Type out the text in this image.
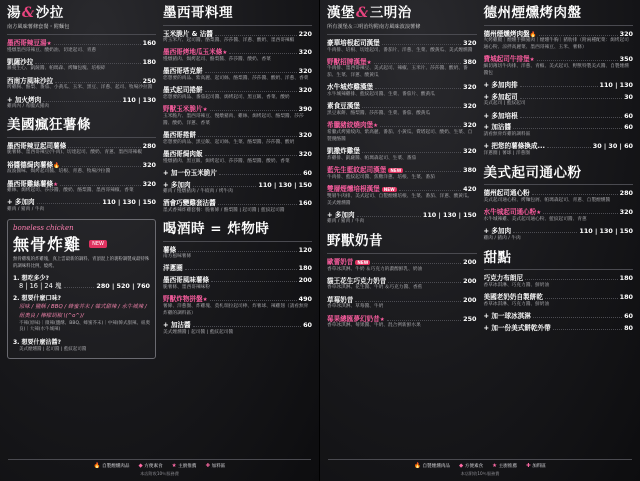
湯&沙拉
南方風味薯條套餐・附麵包
墨西哥辣豆湯 ★	160
慢燉墨西哥辣豆、酸奶油、切達起司、青蔥
凱薩沙拉	180
蘿蔓生心、凱薩醬、帕瑪森、烤麵包塊、培根碎
西南方風味沙拉	250
烤雞胸、酪梨、番茄、小黃瓜、玉米、黑豆、洋蔥、起司、牧場沙拉醬
+ 加火烤肉	110 | 130
雞肉內 / 希臘式豬肉
美國瘋狂薯條
墨西哥辣豆起司薯條	280
脆薯條、墨西哥辣豆(牛肉)、切達起司、酸奶、青蔥、墨西哥辣椒
裕醬德焗肉薯條 🔥	320
波波醬味、焗烤起司醬、培根、青蔥、牧場沙拉醬
墨西哥雞絲薯條 ★	320
雞絲、焗烤起司、莎莎醬、酸奶、酪梨醬、墨西哥辣椒、香菜
+ 多加肉	110 | 130 | 150
雞肉 / 豬肉 / 牛肉
boneless chicken
無骨炸雞 NEW
無骨雞塊的炸雞塊，真上雲最新的調料、青頂混上的裹粉調製成最特殊的調味料比例，燒烤。
1. 想吃多少?
8 | 16 | 24 塊	280 | 520 | 760
2. 想要什麼口味?
原味 / 鹽酥 / BBQ / 蜂蜜芥末 / 韓式甜辣 / 水牛城辣 / 紐奧良 / 檸檬胡椒 \(^o^)/
不辣(原味)｜微辣(鹽酥、BBQ、蜂蜜芥末)｜中辣(韓式甜辣、紐奧良)｜大辣(水牛城辣)
3. 想要什麼沾醬?
美式煙燻醬 | 起司醬 | 藍紋起司醬
墨西哥料理
玉米脆片 & 沾醬	220
烤玉米片、起司醬、酪梨醬、莎莎醬、洋蔥、酸奶、墨西哥辣椒
墨西哥烤地瓜玉米條 ★	320
慢燉豬肉、焗烤起司、酪梨醬、莎莎醬、酸奶、香菜
墨西哥塔克餅	320
您想要的肉品、紫高麗、起司絲、酪梨醬、莎莎醬、酸奶、洋蔥、香菜
墨式起司捲餅	320
您想要的肉品、番茄起司醬、焗烤起司、黑豆飯、香菜、酸奶
野獸玉米脆片 ★	390
玉米脆片、墨西哥辣豆、慢燉豬肉、雞絲、焗烤起司、酪梨醬、莎莎醬、酸奶、洋蔥、香菜
墨西哥捲餅	320
您想要的肉品、黑豆飯、起司絲、生菜、酪梨醬、莎莎醬、酸奶
墨西哥焗肉飯	320
慢燉豬肉、黑豆飯、焗烤起司、莎莎醬、酪梨醬、酸奶、香菜
+ 加一份玉米脆片	60
+ 多加肉	110 | 130 | 150
雞肉 / 慢燉豬肉 / 牛絞肉 / 烤牛肉
酒會巧變雞套沾醬	160
墨式香辣炸雞套餐：脆薯條 / 酪梨醬 | 起司醬 | 藍紋起司醬
喝酒時 = 炸物時
薯條	120
南方風味薯條
洋蔥圈	180
墨西哥風味薯條	200
脆薯條、墨西哥辣味粉
野獸炸物拼盤 ★	490
薯條、洋蔥圈、炸雞塊、莫札瑞拉起司棒、炸薯球、辣雞翅（請看無骨炸雞的調料區）
+ 加沾醬	60
美式煙燻醬 | 起司醬 | 藍紋起司醬
🔥 自製煙燻肉品 ◆ 方便素食 ★ 主廚推薦 ✚ 加料區
本店附收10％服務費
漢堡&三明治
所有漢堡＆三明治均附南方風味波浪薯條
豪華培根起司漢堡	320
牛肉排、培根、切達起司、番茄片、洋蔥、生菜、酸黃瓜、美式煙燻醬
野獸招牌漢堡 ★	380
牛肉排、墨西哥辣豆、美式起司、辣椒、玉米片、莎莎醬、酸奶、番茄、生菜、洋蔥、酸黃瓜
水牛城炸雞漢堡	320
水牛城辣雞排、藍紋起司醬、生菜、番茄片、酸黃瓜
素食豆漢堡	320
黑豆素餅、酪梨醬、莎莎醬、生菜、番茄、酸黃瓜
希臘豬絞燒肉堡 ★	320
希臘式烤豬絞肉、紫高麗、番茄、小黃瓜、費塔起司、酸奶、生菜、自製優酪醬
凱撒炸雞堡	320
炸雞排、凱薩醬、帕瑪森起司、生菜、番茄
藍先生藍紋起司漢堡 NEW	380
牛肉排、藍紋起司醬、焦糖洋蔥、培根、生菜、番茄
雙層煙燻培根漢堡 NEW	420
雙層牛肉排、美式起司、自製煙燻培根、生菜、番茄、洋蔥、酸黃瓜、美式煙燻醬
+ 多加肉	110 | 130 | 150
雞肉 / 豬肉 / 牛肉
野獸奶昔
歐蕾奶昔 NEW	200
香草冰淇淋、牛奶 ＆巧克力的濃醇鮮乳、奶油
貓王花生巧克力奶昔	200
香草冰淇淋、花生醬、牛奶 ＆巧克力醬、香蕉
草莓奶昔	200
香草冰淇淋、草莓醬、牛奶
莓果總匯夢幻奶昔 ★	250
香草冰淇淋、莓果醬、牛奶、混合例新鮮水果
德州煙燻烤肉盤
德州煙燻烤肉盤 🔥	320
火烤雞腿｜煙燻手撕豬肉｜煙燻牛胸｜豬肋排（附兩種配菜：焗烤起司通心粉、涼拌高麗菜、墨西哥辣豆、玉米、薯條）
費城起司牛排堡 ★	350
細切薄切牛肉排、洋蔥、青椒、美式起司、野獸特製美式醬、自製煙燻醬包
+ 多加肉排	110 | 130
+ 多加起司	30
美式起司 | 藍紋起司
+ 多加培根	60
+ 加沾醬	60
請看無骨炸雞的調料區
+ 把您的薯條換成...	30 | 30 | 60
洋蔥圈 | 薯球 | 洋蔥圈
美式起司通心粉
德州起司通心粉	280
美式起司通心粉、烤麵包屑、帕瑪森起司、青蔥、自製煙燻醬
水牛城起司通心粉 ★	320
水牛城辣雞、美式起司通心粉、藍紋起司醬、青蔥
+ 多加肉	110 | 130 | 150
雞肉 / 豬肉 / 牛肉
甜點
巧克力布朗尼	180
香草冰淇淋、巧克力醬、鮮奶油
美國老奶奶自製餅乾	180
香草冰淇淋、巧克力醬、鮮奶油
+ 加一球冰淇淋	60
+ 加一份美式餅乾外帶	80
🔥 自製煙燻肉品 ◆ 方便素食 ★ 主廚推薦 ✚ 加料區
本店附收10％服務費
